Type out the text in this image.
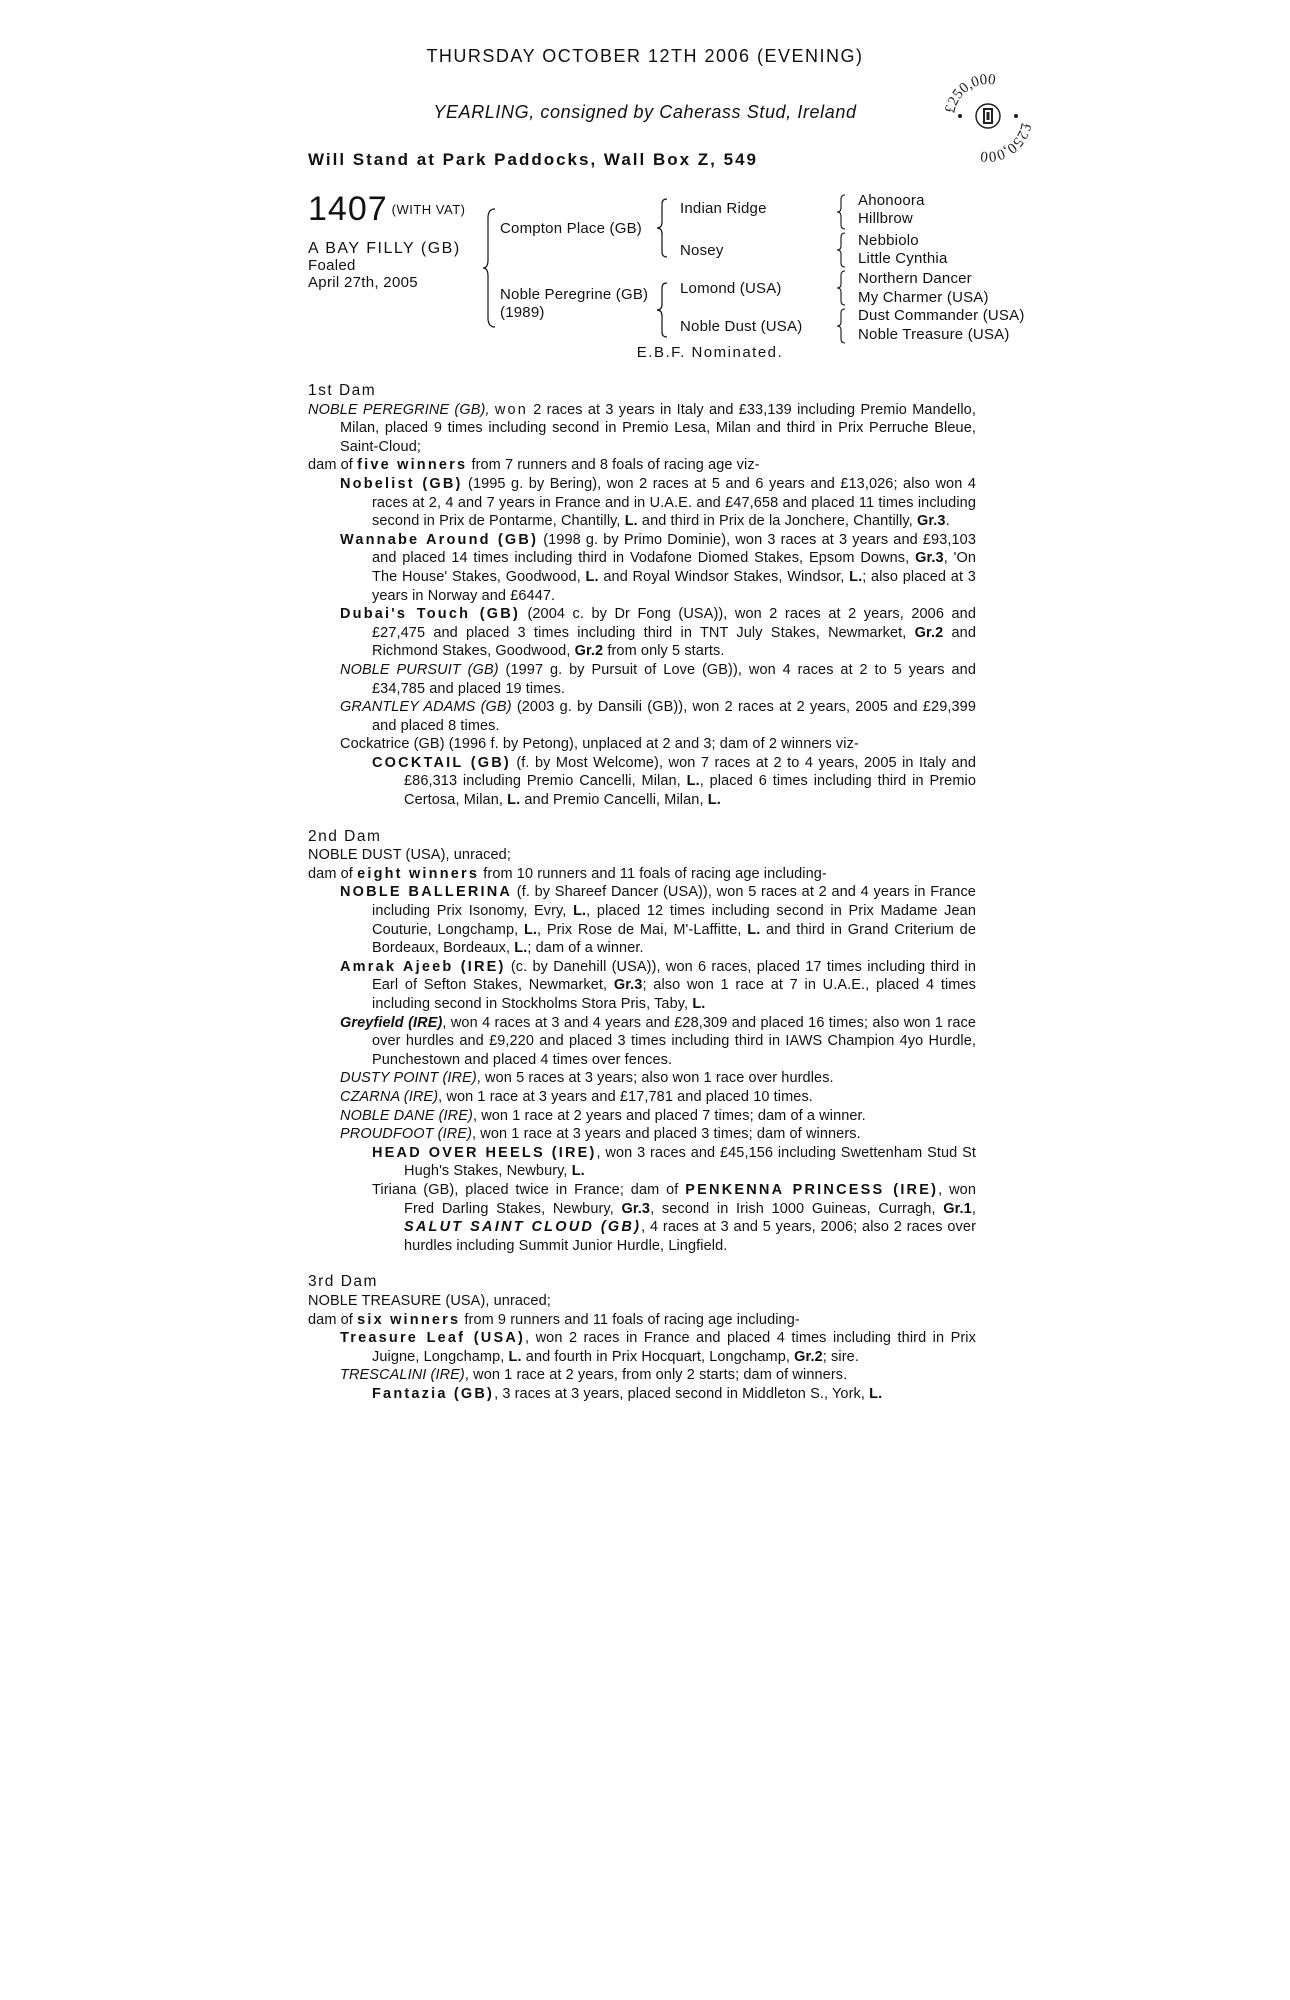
THURSDAY OCTOBER 12TH 2006 (EVENING)
YEARLING, consigned by Caherass Stud, Ireland
Will Stand at Park Paddocks, Wall Box Z, 549
£250,000
£250,000
1407 (WITH VAT)
A BAY FILLY (GB)
Foaled
April 27th, 2005
Compton Place (GB)
Noble Peregrine (GB)
(1989)
Indian Ridge
Nosey
Lomond (USA)
Noble Dust (USA)
Ahonoora
Hillbrow
Nebbiolo
Little Cynthia
Northern Dancer
My Charmer (USA)
Dust Commander (USA)
Noble Treasure (USA)
E.B.F. Nominated.
1st Dam
NOBLE PEREGRINE (GB), won 2 races at 3 years in Italy and £33,139 including Premio Mandello, Milan, placed 9 times including second in Premio Lesa, Milan and third in Prix Perruche Bleue, Saint-Cloud;
dam of five winners from 7 runners and 8 foals of racing age viz-
Nobelist (GB) (1995 g. by Bering), won 2 races at 5 and 6 years and £13,026; also won 4 races at 2, 4 and 7 years in France and in U.A.E. and £47,658 and placed 11 times including second in Prix de Pontarme, Chantilly, L. and third in Prix de la Jonchere, Chantilly, Gr.3.
Wannabe Around (GB) (1998 g. by Primo Dominie), won 3 races at 3 years and £93,103 and placed 14 times including third in Vodafone Diomed Stakes, Epsom Downs, Gr.3, 'On The House' Stakes, Goodwood, L. and Royal Windsor Stakes, Windsor, L.; also placed at 3 years in Norway and £6447.
Dubai's Touch (GB) (2004 c. by Dr Fong (USA)), won 2 races at 2 years, 2006 and £27,475 and placed 3 times including third in TNT July Stakes, Newmarket, Gr.2 and Richmond Stakes, Goodwood, Gr.2 from only 5 starts.
NOBLE PURSUIT (GB) (1997 g. by Pursuit of Love (GB)), won 4 races at 2 to 5 years and £34,785 and placed 19 times.
GRANTLEY ADAMS (GB) (2003 g. by Dansili (GB)), won 2 races at 2 years, 2005 and £29,399 and placed 8 times.
Cockatrice (GB) (1996 f. by Petong), unplaced at 2 and 3; dam of 2 winners viz-
COCKTAIL (GB) (f. by Most Welcome), won 7 races at 2 to 4 years, 2005 in Italy and £86,313 including Premio Cancelli, Milan, L., placed 6 times including third in Premio Certosa, Milan, L. and Premio Cancelli, Milan, L.
2nd Dam
NOBLE DUST (USA), unraced;
dam of eight winners from 10 runners and 11 foals of racing age including-
NOBLE BALLERINA (f. by Shareef Dancer (USA)), won 5 races at 2 and 4 years in France including Prix Isonomy, Evry, L., placed 12 times including second in Prix Madame Jean Couturie, Longchamp, L., Prix Rose de Mai, M'-Laffitte, L. and third in Grand Criterium de Bordeaux, Bordeaux, L.; dam of a winner.
Amrak Ajeeb (IRE) (c. by Danehill (USA)), won 6 races, placed 17 times including third in Earl of Sefton Stakes, Newmarket, Gr.3; also won 1 race at 7 in U.A.E., placed 4 times including second in Stockholms Stora Pris, Taby, L.
Greyfield (IRE), won 4 races at 3 and 4 years and £28,309 and placed 16 times; also won 1 race over hurdles and £9,220 and placed 3 times including third in IAWS Champion 4yo Hurdle, Punchestown and placed 4 times over fences.
DUSTY POINT (IRE), won 5 races at 3 years; also won 1 race over hurdles.
CZARNA (IRE), won 1 race at 3 years and £17,781 and placed 10 times.
NOBLE DANE (IRE), won 1 race at 2 years and placed 7 times; dam of a winner.
PROUDFOOT (IRE), won 1 race at 3 years and placed 3 times; dam of winners.
HEAD OVER HEELS (IRE), won 3 races and £45,156 including Swettenham Stud St Hugh's Stakes, Newbury, L.
Tiriana (GB), placed twice in France; dam of PENKENNA PRINCESS (IRE), won Fred Darling Stakes, Newbury, Gr.3, second in Irish 1000 Guineas, Curragh, Gr.1, SALUT SAINT CLOUD (GB), 4 races at 3 and 5 years, 2006; also 2 races over hurdles including Summit Junior Hurdle, Lingfield.
3rd Dam
NOBLE TREASURE (USA), unraced;
dam of six winners from 9 runners and 11 foals of racing age including-
Treasure Leaf (USA), won 2 races in France and placed 4 times including third in Prix Juigne, Longchamp, L. and fourth in Prix Hocquart, Longchamp, Gr.2; sire.
TRESCALINI (IRE), won 1 race at 2 years, from only 2 starts; dam of winners.
Fantazia (GB), 3 races at 3 years, placed second in Middleton S., York, L.
